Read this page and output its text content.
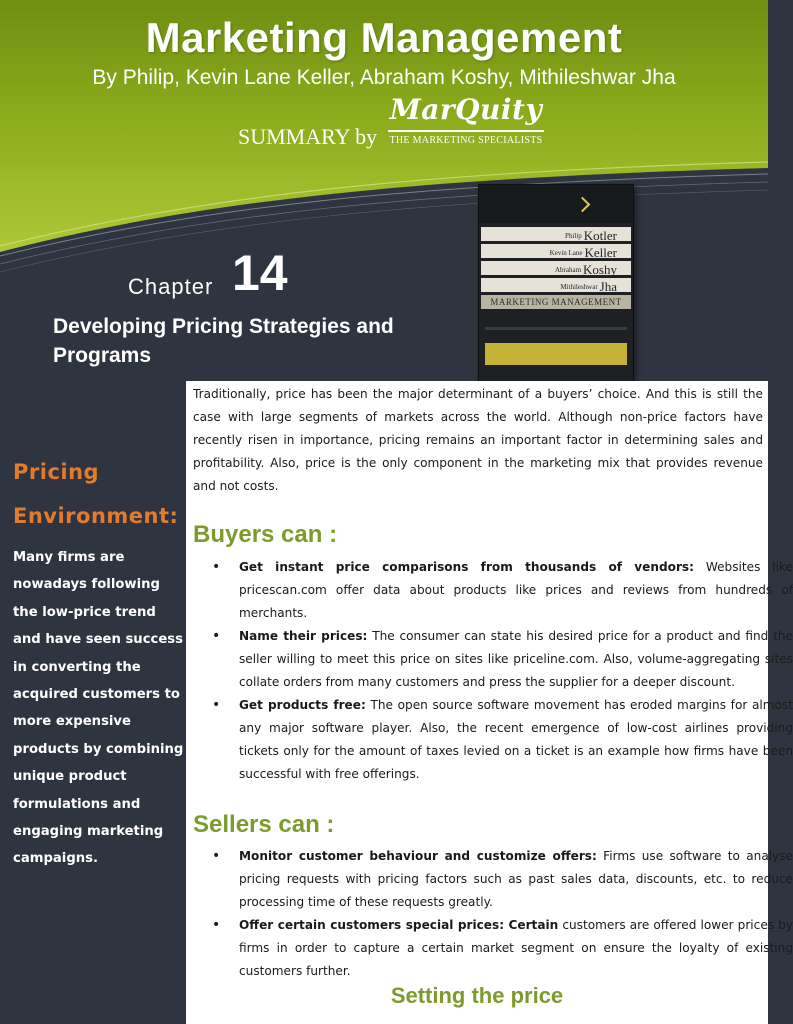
Marketing Management
By Philip, Kevin Lane Keller, Abraham Koshy, Mithileshwar Jha
SUMMARY by
MarQuity
THE MARKETING SPECIALISTS
Philip Kotler
Kevin Lane Keller
Abraham Koshy
Mithileshwar Jha
MARKETING MANAGEMENT
Chapter 14
Developing Pricing Strategies and Programs
Pricing
Environment:

Many firms are nowadays following the low-price trend and have seen success in converting the acquired customers to more expensive products by combining unique product formulations and engaging marketing campaigns.

Traditionally, price has been the major determinant of a buyers’ choice. And this is still the case with large segments of markets across the world. Although non-price factors have recently risen in importance, pricing remains an important factor in determining sales and profitability. Also, price is the only component in the marketing mix that provides revenue and not costs.

Buyers can :
• Get instant price comparisons from thousands of vendors: Websites like pricescan.com offer data about products like prices and reviews from hundreds of merchants.
• Name their prices: The consumer can state his desired price for a product and find the seller willing to meet this price on sites like priceline.com. Also, volume-aggregating sites collate orders from many customers and press the supplier for a deeper discount.
• Get products free: The open source software movement has eroded margins for almost any major software player. Also, the recent emergence of low-cost airlines providing tickets only for the amount of taxes levied on a ticket is an example how firms have been successful with free offerings.
Sellers can :
• Monitor customer behaviour and customize offers: Firms use software to analyse pricing requests with pricing factors such as past sales data, discounts, etc. to reduce processing time of these requests greatly.
• Offer certain customers special prices: Certain customers are offered lower prices by firms in order to capture a certain market segment on ensure the loyalty of existing customers further.
Setting the price
